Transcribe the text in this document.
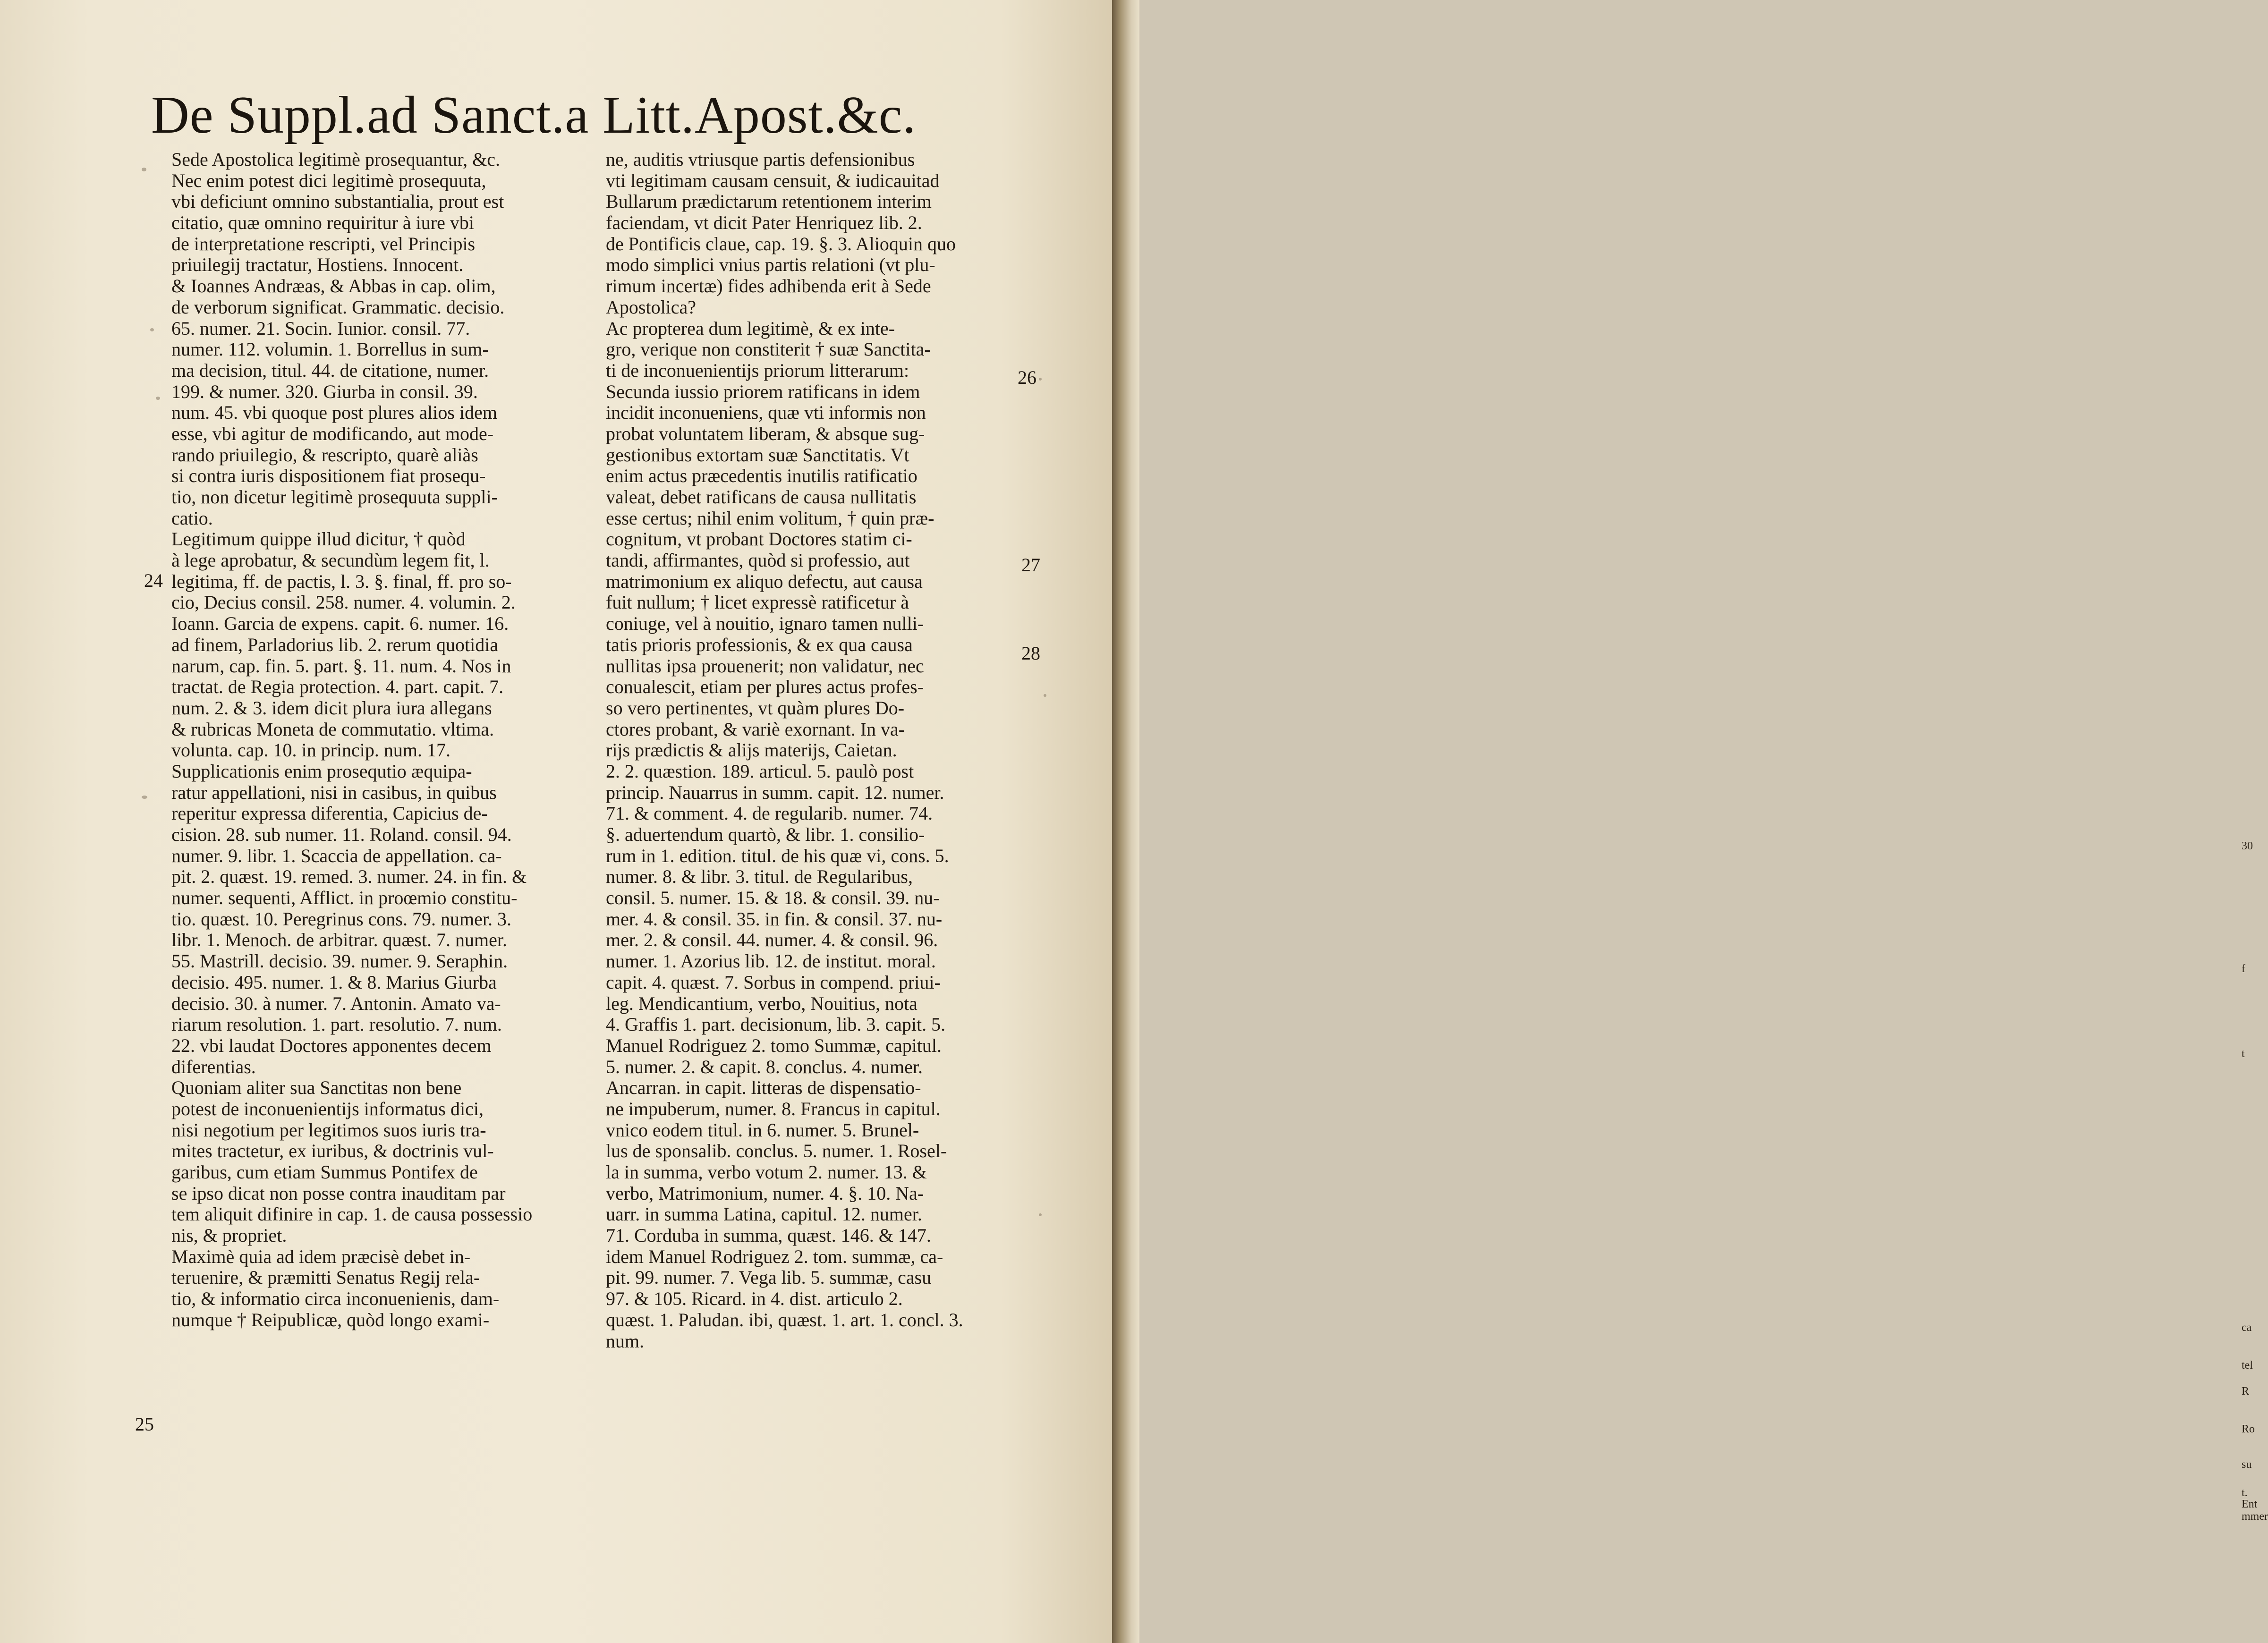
De Suppl.ad Sanct.a Litt.Apost.&c.
Sede Apostolica legitimè prosequantur, &c.
Nec enim potest dici legitimè prosequuta,
vbi deficiunt omnino substantialia, prout est
citatio, quæ omnino requiritur à iure vbi
de interpretatione rescripti, vel Principis
priuilegij tractatur, Hostiens. Innocent.
& Ioannes Andræas, & Abbas in cap. olim,
de verborum significat. Grammatic. decisio.
65. numer. 21. Socin. Iunior. consil. 77.
numer. 112. volumin. 1. Borrellus in sum-
ma decision, titul. 44. de citatione, numer.
199. & numer. 320. Giurba in consil. 39.
num. 45. vbi quoque post plures alios idem
esse, vbi agitur de modificando, aut mode-
rando priuilegio, & rescripto, quarè aliàs
si contra iuris dispositionem fiat prosequ-
tio, non dicetur legitimè prosequuta suppli-
catio.
Legitimum quippe illud dicitur, † quòd
à lege aprobatur, & secundùm legem fit, l.
legitima, ff. de pactis, l. 3. §. final, ff. pro so-
cio, Decius consil. 258. numer. 4. volumin. 2.
Ioann. Garcia de expens. capit. 6. numer. 16.
ad finem, Parladorius lib. 2. rerum quotidia
narum, cap. fin. 5. part. §. 11. num. 4. Nos in
tractat. de Regia protection. 4. part. capit. 7.
num. 2. & 3. idem dicit plura iura allegans
& rubricas Moneta de commutatio. vltima.
volunta. cap. 10. in princip. num. 17.
Supplicationis enim prosequtio æquipa-
ratur appellationi, nisi in casibus, in quibus
reperitur expressa diferentia, Capicius de-
cision. 28. sub numer. 11. Roland. consil. 94.
numer. 9. libr. 1. Scaccia de appellation. ca-
pit. 2. quæst. 19. remed. 3. numer. 24. in fin. &
numer. sequenti, Afflict. in proœmio constitu-
tio. quæst. 10. Peregrinus cons. 79. numer. 3.
libr. 1. Menoch. de arbitrar. quæst. 7. numer.
55. Mastrill. decisio. 39. numer. 9. Seraphin.
decisio. 495. numer. 1. & 8. Marius Giurba
decisio. 30. à numer. 7. Antonin. Amato va-
riarum resolution. 1. part. resolutio. 7. num.
22. vbi laudat Doctores apponentes decem
diferentias.
Quoniam aliter sua Sanctitas non bene
potest de inconuenientijs informatus dici,
nisi negotium per legitimos suos iuris tra-
mites tractetur, ex iuribus, & doctrinis vul-
garibus, cum etiam Summus Pontifex de
se ipso dicat non posse contra inauditam par
tem aliquit difinire in cap. 1. de causa possessio
nis, & propriet.
Maximè quia ad idem præcisè debet in-
teruenire, & præmitti Senatus Regij rela-
tio, & informatio circa inconuenienis, dam-
numque † Reipublicæ, quòd longo exami-
ne, auditis vtriusque partis defensionibus
vti legitimam causam censuit, & iudicauitad
Bullarum prædictarum retentionem interim
faciendam, vt dicit Pater Henriquez lib. 2.
de Pontificis claue, cap. 19. §. 3. Alioquin quo
modo simplici vnius partis relationi (vt plu-
rimum incertæ) fides adhibenda erit à Sede
Apostolica?
Ac propterea dum legitimè, & ex inte-
gro, verique non constiterit † suæ Sanctita-
ti de inconuenientijs priorum litterarum:
Secunda iussio priorem ratificans in idem
incidit inconueniens, quæ vti informis non
probat voluntatem liberam, & absque sug-
gestionibus extortam suæ Sanctitatis. Vt
enim actus præcedentis inutilis ratificatio
valeat, debet ratificans de causa nullitatis
esse certus; nihil enim volitum, † quin præ-
cognitum, vt probant Doctores statim ci-
tandi, affirmantes, quòd si professio, aut
matrimonium ex aliquo defectu, aut causa
fuit nullum; † licet expressè ratificetur à
coniuge, vel à nouitio, ignaro tamen nulli-
tatis prioris professionis, & ex qua causa
nullitas ipsa prouenerit; non validatur, nec
conualescit, etiam per plures actus profes-
so vero pertinentes, vt quàm plures Do-
ctores probant, & variè exornant. In va-
rijs prædictis & alijs materijs, Caietan.
2. 2. quæstion. 189. articul. 5. paulò post
princip. Nauarrus in summ. capit. 12. numer.
71. & comment. 4. de regularib. numer. 74.
§. aduertendum quartò, & libr. 1. consilio-
rum in 1. edition. titul. de his quæ vi, cons. 5.
numer. 8. & libr. 3. titul. de Regularibus,
consil. 5. numer. 15. & 18. & consil. 39. nu-
mer. 4. & consil. 35. in fin. & consil. 37. nu-
mer. 2. & consil. 44. numer. 4. & consil. 96.
numer. 1. Azorius lib. 12. de institut. moral.
capit. 4. quæst. 7. Sorbus in compend. priui-
leg. Mendicantium, verbo, Nouitius, nota
4. Graffis 1. part. decisionum, lib. 3. capit. 5.
Manuel Rodriguez 2. tomo Summæ, capitul.
5. numer. 2. & capit. 8. conclus. 4. numer.
Ancarran. in capit. litteras de dispensatio-
ne impuberum, numer. 8. Francus in capitul.
vnico eodem titul. in 6. numer. 5. Brunel-
lus de sponsalib. conclus. 5. numer. 1. Rosel-
la in summa, verbo votum 2. numer. 13. &
verbo, Matrimonium, numer. 4. §. 10. Na-
uarr. in summa Latina, capitul. 12. numer.
71. Corduba in summa, quæst. 146. & 147.
idem Manuel Rodriguez 2. tom. summæ, ca-
pit. 99. numer. 7. Vega lib. 5. summæ, casu
97. & 105. Ricard. in 4. dist. articulo 2.
quæst. 1. Paludan. ibi, quæst. 1. art. 1. concl. 3.
num.
24
25
26
27
28
30
f
t
ca
tel
R
Ro
su
t. Ent
mmer
